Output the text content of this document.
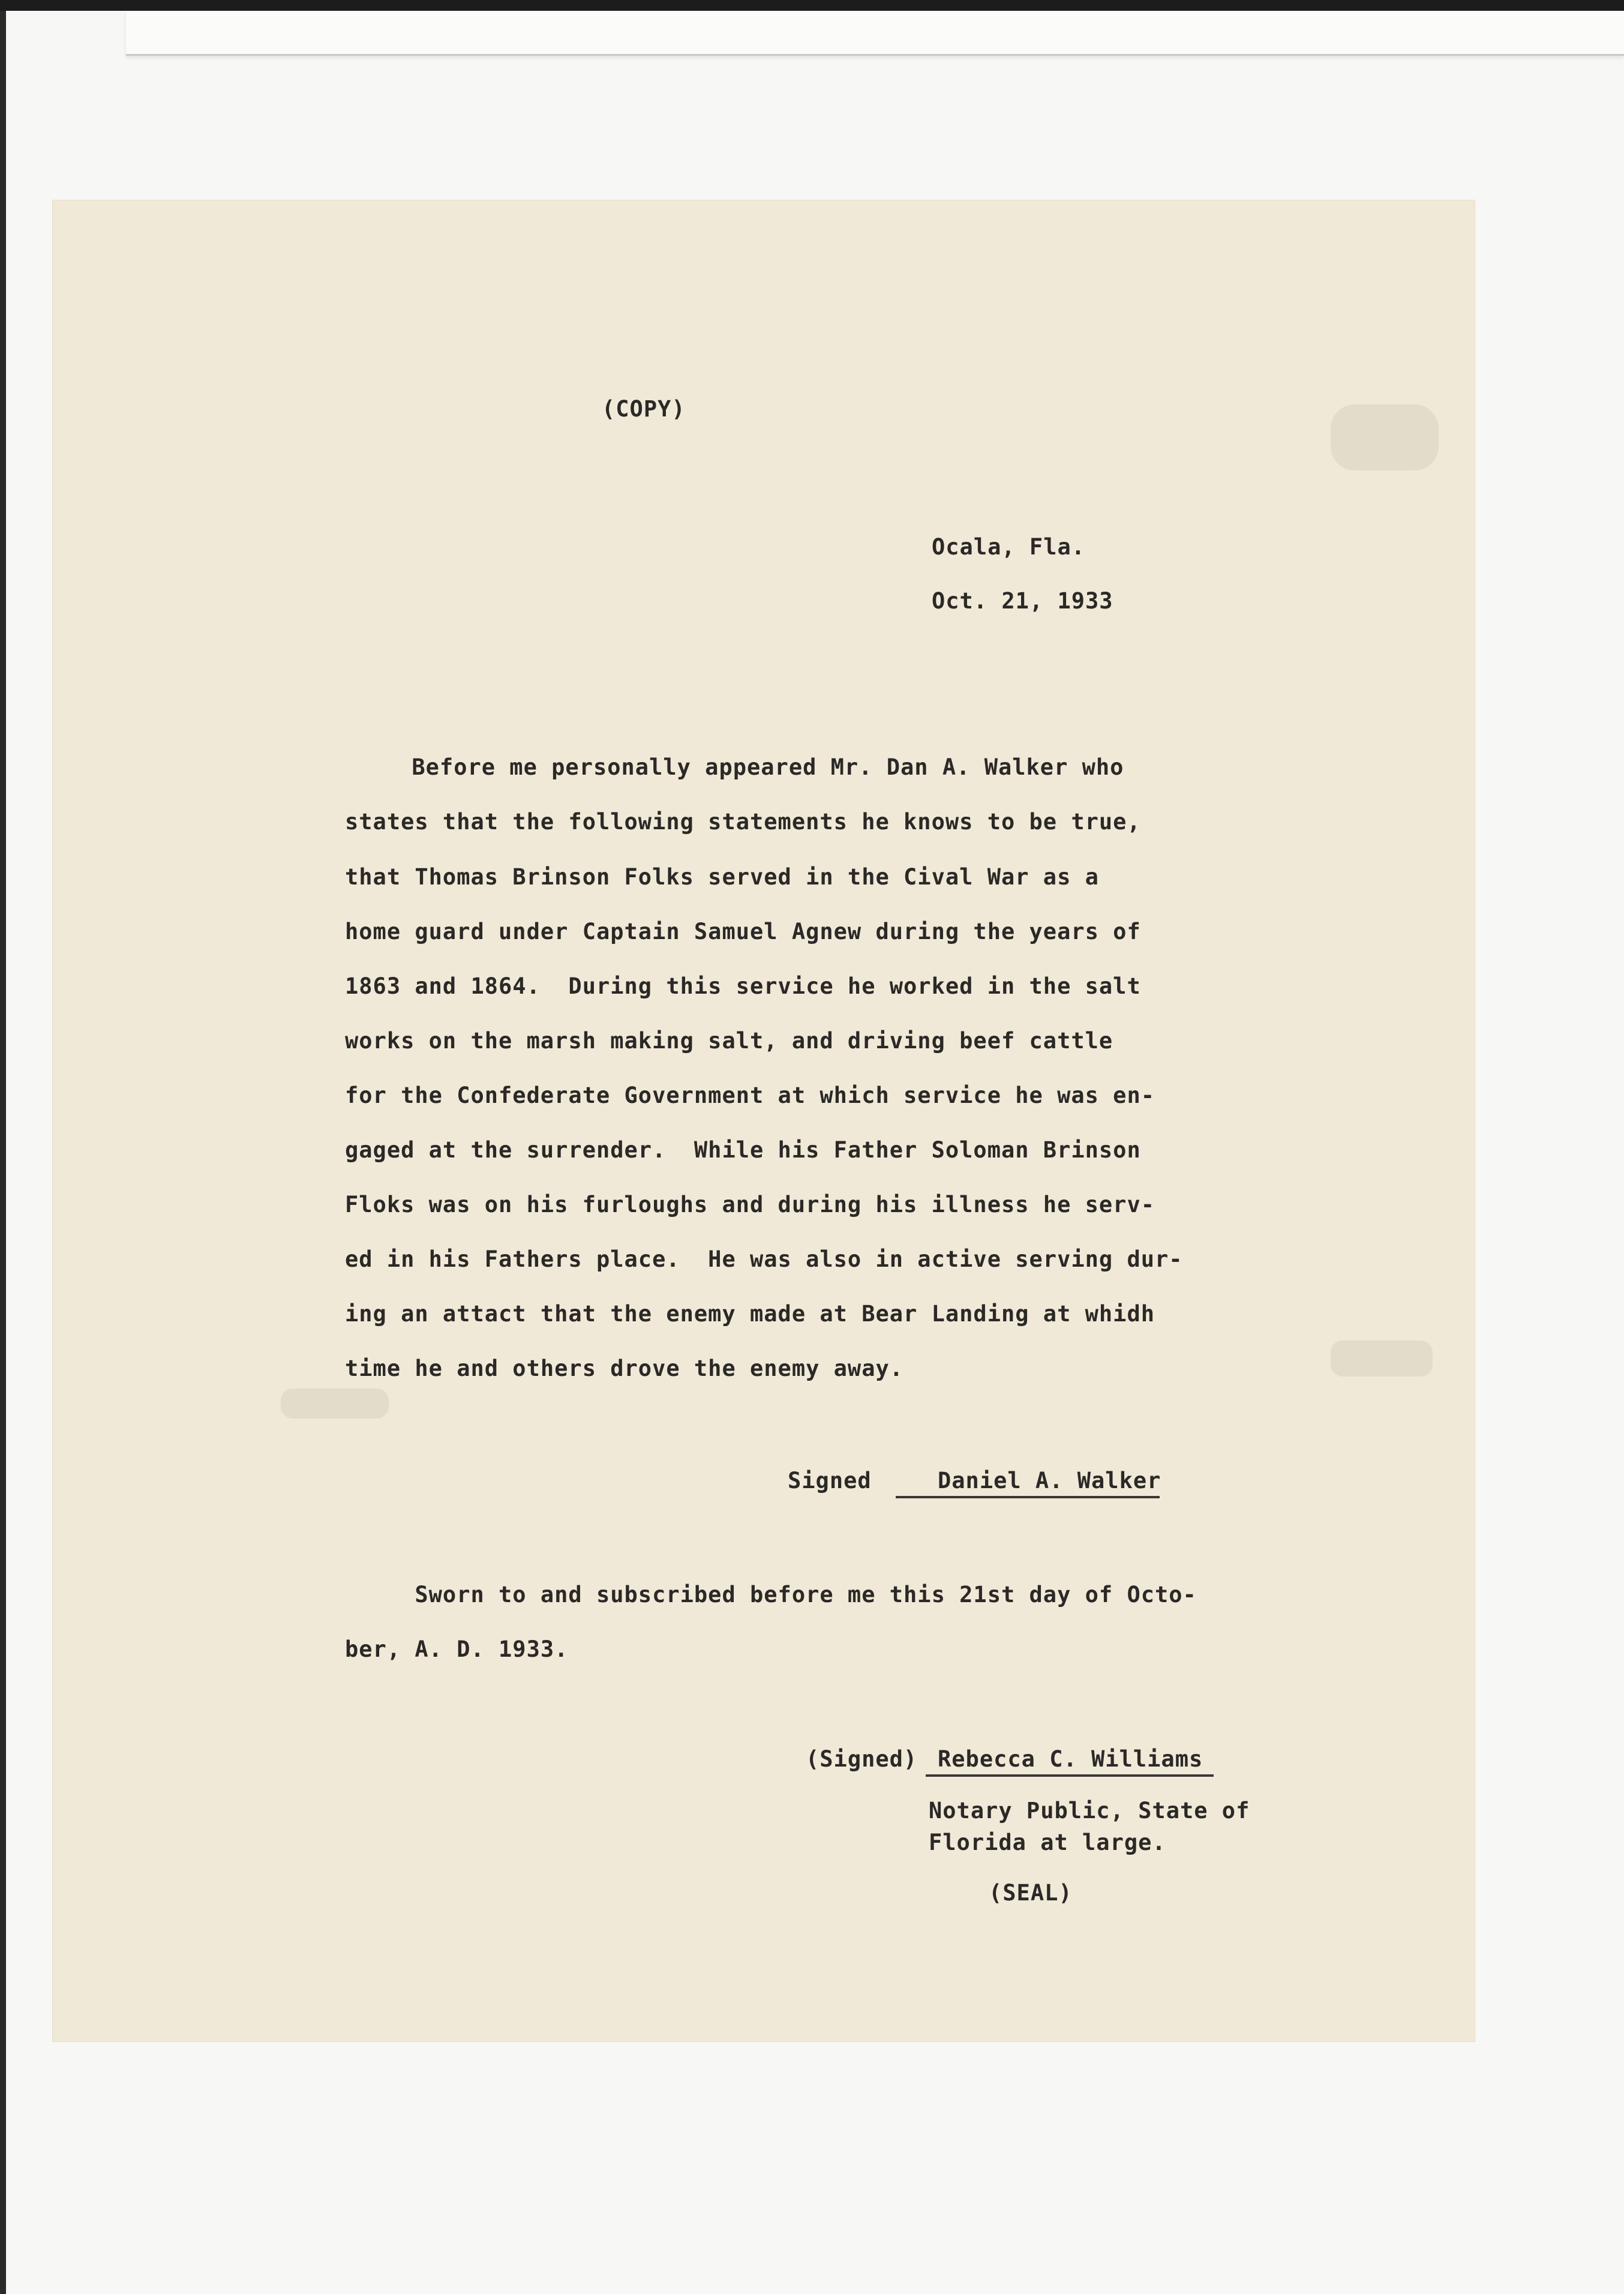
(COPY)
Ocala, Fla.
Oct. 21, 1933
Before me personally appeared Mr. Dan A. Walker who
states that the following statements he knows to be true,
that Thomas Brinson Folks served in the Cival War as a
home guard under Captain Samuel Agnew during the years of
1863 and 1864.  During this service he worked in the salt
works on the marsh making salt, and driving beef cattle
for the Confederate Government at which service he was en-
gaged at the surrender.  While his Father Soloman Brinson
Floks was on his furloughs and during his illness he serv-
ed in his Fathers place.  He was also in active serving dur-
ing an attact that the enemy made at Bear Landing at whidh
time he and others drove the enemy away.
Signed	Daniel A. Walker
Sworn to and subscribed before me this 21st day of Octo-
ber, A. D. 1933.
(Signed) Rebecca C. Williams
Notary Public, State of
Florida at large.
(SEAL)
